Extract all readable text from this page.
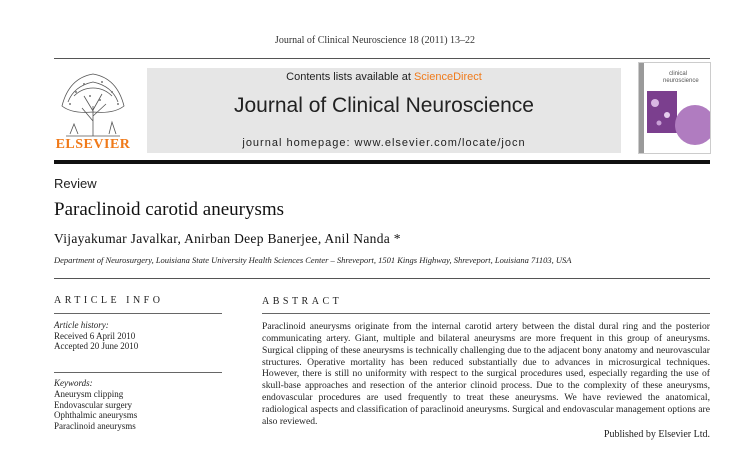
Journal of Clinical Neuroscience 18 (2011) 13–22
ELSEVIER
Contents lists available at ScienceDirect
Journal of Clinical Neuroscience
journal homepage: www.elsevier.com/locate/jocn
clinical
neuroscience
Review
Paraclinoid carotid aneurysms
Vijayakumar Javalkar, Anirban Deep Banerjee, Anil Nanda *
Department of Neurosurgery, Louisiana State University Health Sciences Center – Shreveport, 1501 Kings Highway, Shreveport, Louisiana 71103, USA
ARTICLE INFO	ABSTRACT
Article history:
Received 6 April 2010
Accepted 20 June 2010
Keywords:
Aneurysm clipping
Endovascular surgery
Ophthalmic aneurysms
Paraclinoid aneurysms
Paraclinoid aneurysms originate from the internal carotid artery between the distal dural ring and the posterior communicating artery. Giant, multiple and bilateral aneurysms are more frequent in this group of aneurysms. Surgical clipping of these aneurysms is technically challenging due to the adjacent bony anatomy and neurovascular structures. Operative mortality has been reduced substantially due to advances in microsurgical techniques. However, there is still no uniformity with respect to the surgical procedures used, especially regarding the use of skull-base approaches and resection of the anterior clinoid process. Due to the complexity of these aneurysms, endovascular procedures are used frequently to treat these aneurysms. We have reviewed the anatomical, radiological aspects and classification of paraclinoid aneurysms. Surgical and endovascular management options are also reviewed.
Published by Elsevier Ltd.
